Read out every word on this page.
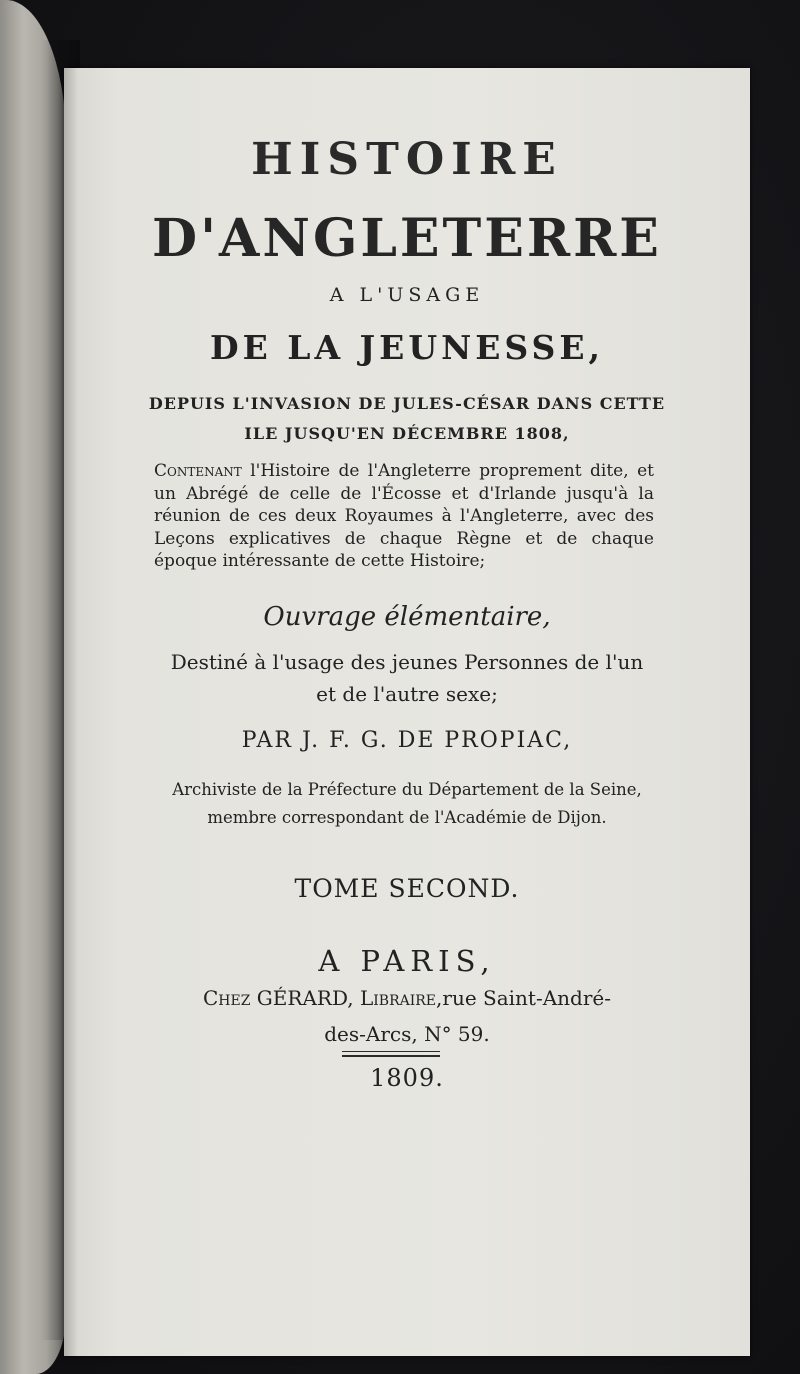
HISTOIRE
D'ANGLETERRE
A L'USAGE
DE LA JEUNESSE,
DEPUIS L'INVASION DE JULES-CÉSAR DANS CETTE
ILE JUSQU'EN DÉCEMBRE 1808,
Contenant l'Histoire de l'Angleterre proprement dite, et un Abrégé de celle de l'Écosse et d'Irlande jusqu'à la réunion de ces deux Royaumes à l'Angleterre, avec des Leçons explicatives de chaque Règne et de chaque époque intéressante de cette Histoire;
Ouvrage élémentaire,
Destiné à l'usage des jeunes Personnes de l'un
et de l'autre sexe;
PAR J. F. G. DE PROPIAC,
Archiviste de la Préfecture du Département de la Seine,
membre correspondant de l'Académie de Dijon.
TOME SECOND.
A PARIS,
Chez GÉRARD, Libraire,rue Saint-André-
des-Arcs, N° 59.
1809.
